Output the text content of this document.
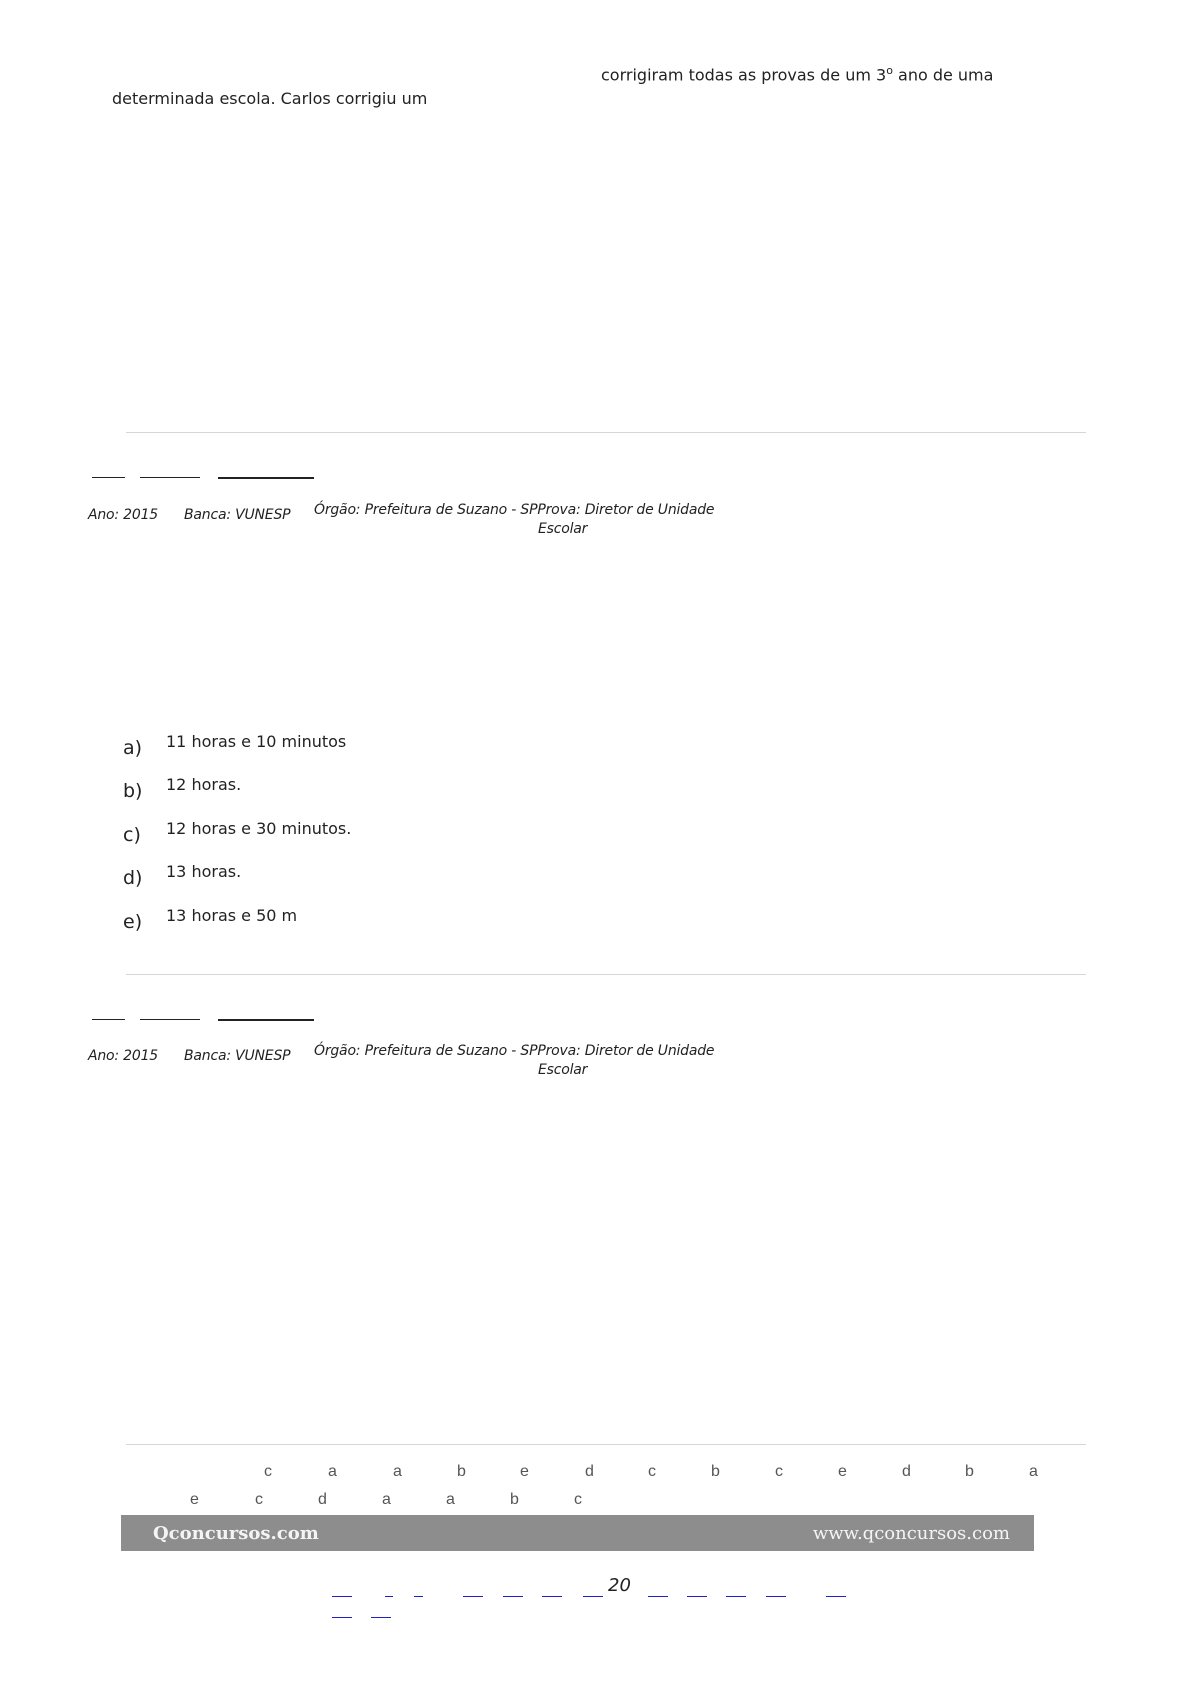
corrigiram todas as provas de um 3$^o$ ano de uma
determinada escola. Carlos corrigiu um
Ano: 2015 Banca: VUNESP Órgão: Prefeitura de Suzano - SPProva: Diretor de Unidade
Escolar
a) 11 horas e 10 minutos
b) 12 horas.
c) 12 horas e 30 minutos.
d) 13 horas.
e) 13 horas e 50 m
Ano: 2015 Banca: VUNESP Órgão: Prefeitura de Suzano - SPProva: Diretor de Unidade
Escolar
c	a	a	b	e	d	c	b	c	e	d	b	a
e	c	d	a	a	b	c
Qconcursos.com	www.qconcursos.com
20
